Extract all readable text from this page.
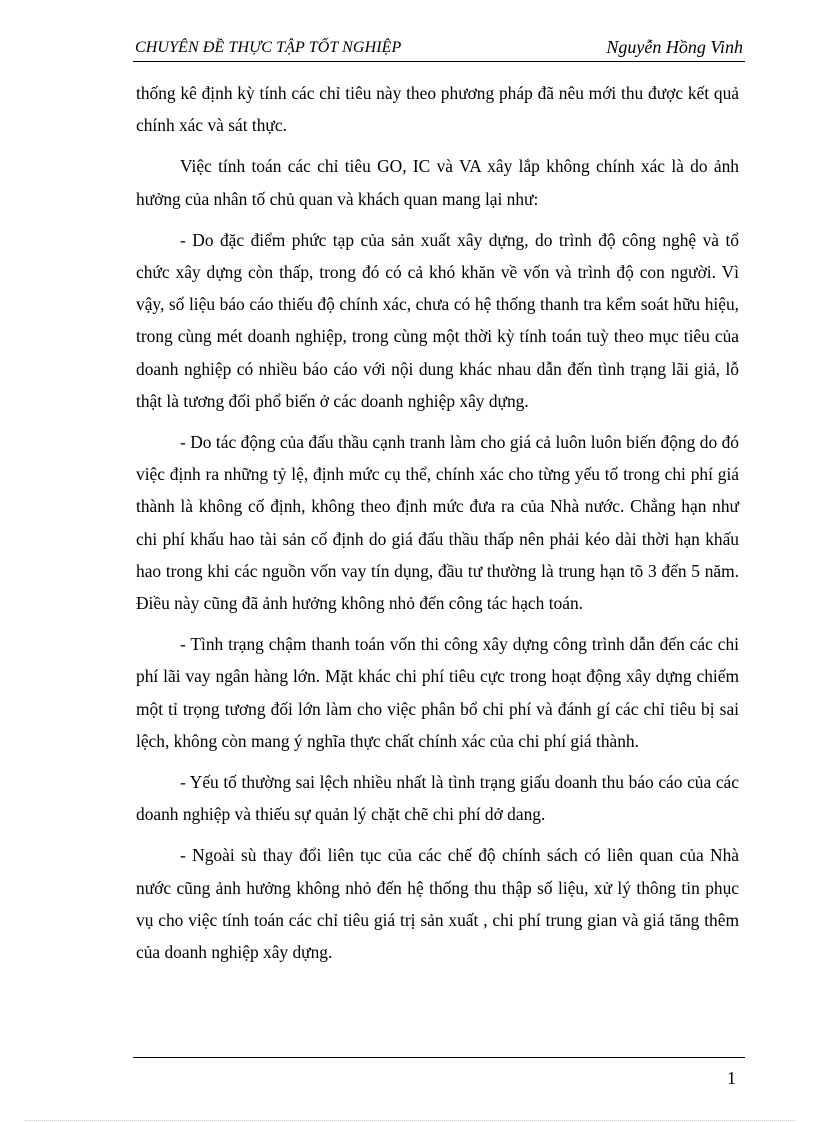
CHUYÊN ĐỀ THỰC TẬP TỐT NGHIỆP	Nguyễn Hồng Vinh

thống kê định kỳ tính các chỉ tiêu này theo phương pháp đã nêu mới thu được kết quả chính xác và sát thực.

Việc tính toán các chỉ tiêu GO, IC và VA xây lắp không chính xác là do ảnh hưởng của nhân tố chủ quan và khách quan mang lại như:

- Do đặc điểm phức tạp của sản xuất xây dựng, do trình độ công nghệ và tổ chức xây dựng còn thấp, trong đó có cả khó khăn về vốn và trình độ con người. Vì vậy, số liệu báo cáo thiếu độ chính xác, chưa có hệ thống thanh tra kểm soát hữu hiệu, trong cùng mét doanh nghiệp, trong cùng một thời kỳ tính toán tuỳ theo mục tiêu của doanh nghiệp có nhiều báo cáo với nội dung khác nhau dẫn đến tình trạng lãi giả, lỗ thật là tương đối phổ biến ở các doanh nghiệp xây dựng.

- Do tác động của đấu thầu cạnh tranh làm cho giá cả luôn luôn biến động do đó việc định ra những tỷ lệ, định mức cụ thể, chính xác cho từng yếu tố trong chi phí giá thành là không cố định, không theo định mức đưa ra của Nhà nước. Chẳng hạn như chi phí khấu hao tài sản cố định do giá đấu thầu thấp nên phải kéo dài thời hạn khấu hao trong khi các nguồn vốn vay tín dụng, đầu tư thường là trung hạn tõ 3 đến 5 năm. Điều này cũng đã ảnh hưởng không nhỏ đến công tác hạch toán.

- Tình trạng chậm thanh toán vốn thi công xây dựng công trình dẫn đến các chi phí lãi vay ngân hàng lớn. Mặt khác chi phí tiêu cực trong hoạt động xây dựng chiếm một tỉ trọng tương đối lớn làm cho việc phân bổ chi phí và đánh gí các chỉ tiêu bị sai lệch, không còn mang ý nghĩa thực chất chính xác của chi phí giá thành.

- Yếu tố thường sai lệch nhiều nhất là tình trạng giấu doanh thu báo cáo của các doanh nghiệp và thiếu sự quản lý chặt chẽ chi phí dở dang.

- Ngoài sù thay đổi liên tục của các chế độ chính sách có liên quan của Nhà nước cũng ảnh hưởng không nhỏ đến hệ thống thu thập số liệu, xử lý thông tin phục vụ cho việc tính toán các chỉ tiêu giá trị sản xuất , chi phí trung gian và giá tăng thêm của doanh nghiệp xây dựng.

1
